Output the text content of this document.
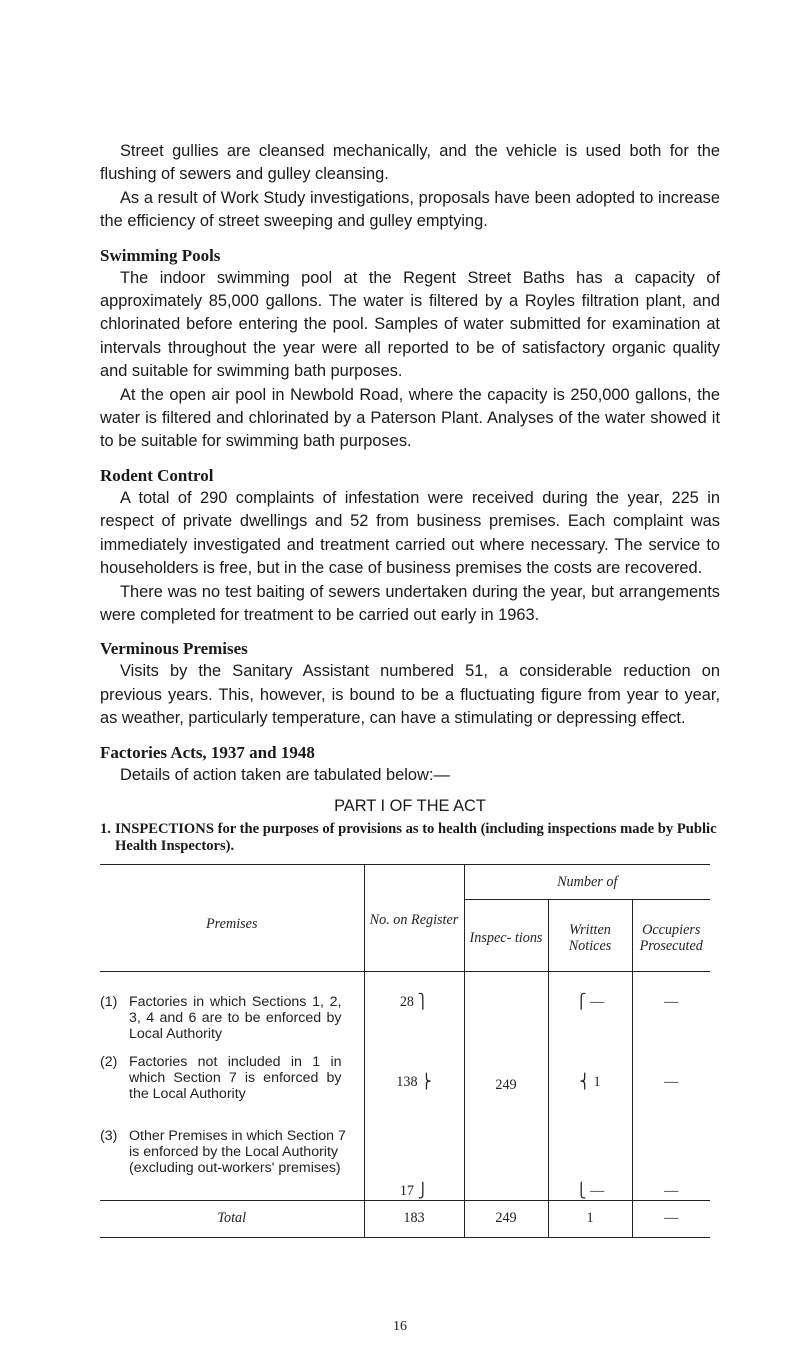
Street gullies are cleansed mechanically, and the vehicle is used both for the flushing of sewers and gulley cleansing.

As a result of Work Study investigations, proposals have been adopted to increase the efficiency of street sweeping and gulley emptying.

Swimming Pools

The indoor swimming pool at the Regent Street Baths has a capacity of approximately 85,000 gallons. The water is filtered by a Royles filtration plant, and chlorinated before entering the pool. Samples of water submitted for examination at intervals throughout the year were all reported to be of satisfactory organic quality and suitable for swimming bath purposes.

At the open air pool in Newbold Road, where the capacity is 250,000 gallons, the water is filtered and chlorinated by a Paterson Plant. Analyses of the water showed it to be suitable for swimming bath purposes.

Rodent Control

A total of 290 complaints of infestation were received during the year, 225 in respect of private dwellings and 52 from business premises. Each complaint was immediately investigated and treatment carried out where necessary. The service to householders is free, but in the case of business premises the costs are recovered.

There was no test baiting of sewers undertaken during the year, but arrangements were completed for treatment to be carried out early in 1963.

Verminous Premises

Visits by the Sanitary Assistant numbered 51, a considerable reduction on previous years. This, however, is bound to be a fluctuating figure from year to year, as weather, particularly temperature, can have a stimulating or depressing effect.

Factories Acts, 1937 and 1948

Details of action taken are tabulated below:—

PART I OF THE ACT
1. INSPECTIONS for the purposes of provisions as to health (including inspections made by Public Health Inspectors).
Premises	No. on Register	Number of		
		Inspec- tions	Written Notices	Occupiers Prosecuted

(1) Factories in which Sections 1, 2, 3, 4 and 6 are to be enforced by Local Authority	28 ⎫	249	⎧ —	—

(2) Factories not included in 1 in which Section 7 is enforced by the Local Authority	138 ⎬		⎨ 1	—

(3) Other Premises in which Section 7 is enforced by the Local Authority (excluding out-workers' premises)	17 ⎭		⎩ —	—
Total	183	249	1	—
16
